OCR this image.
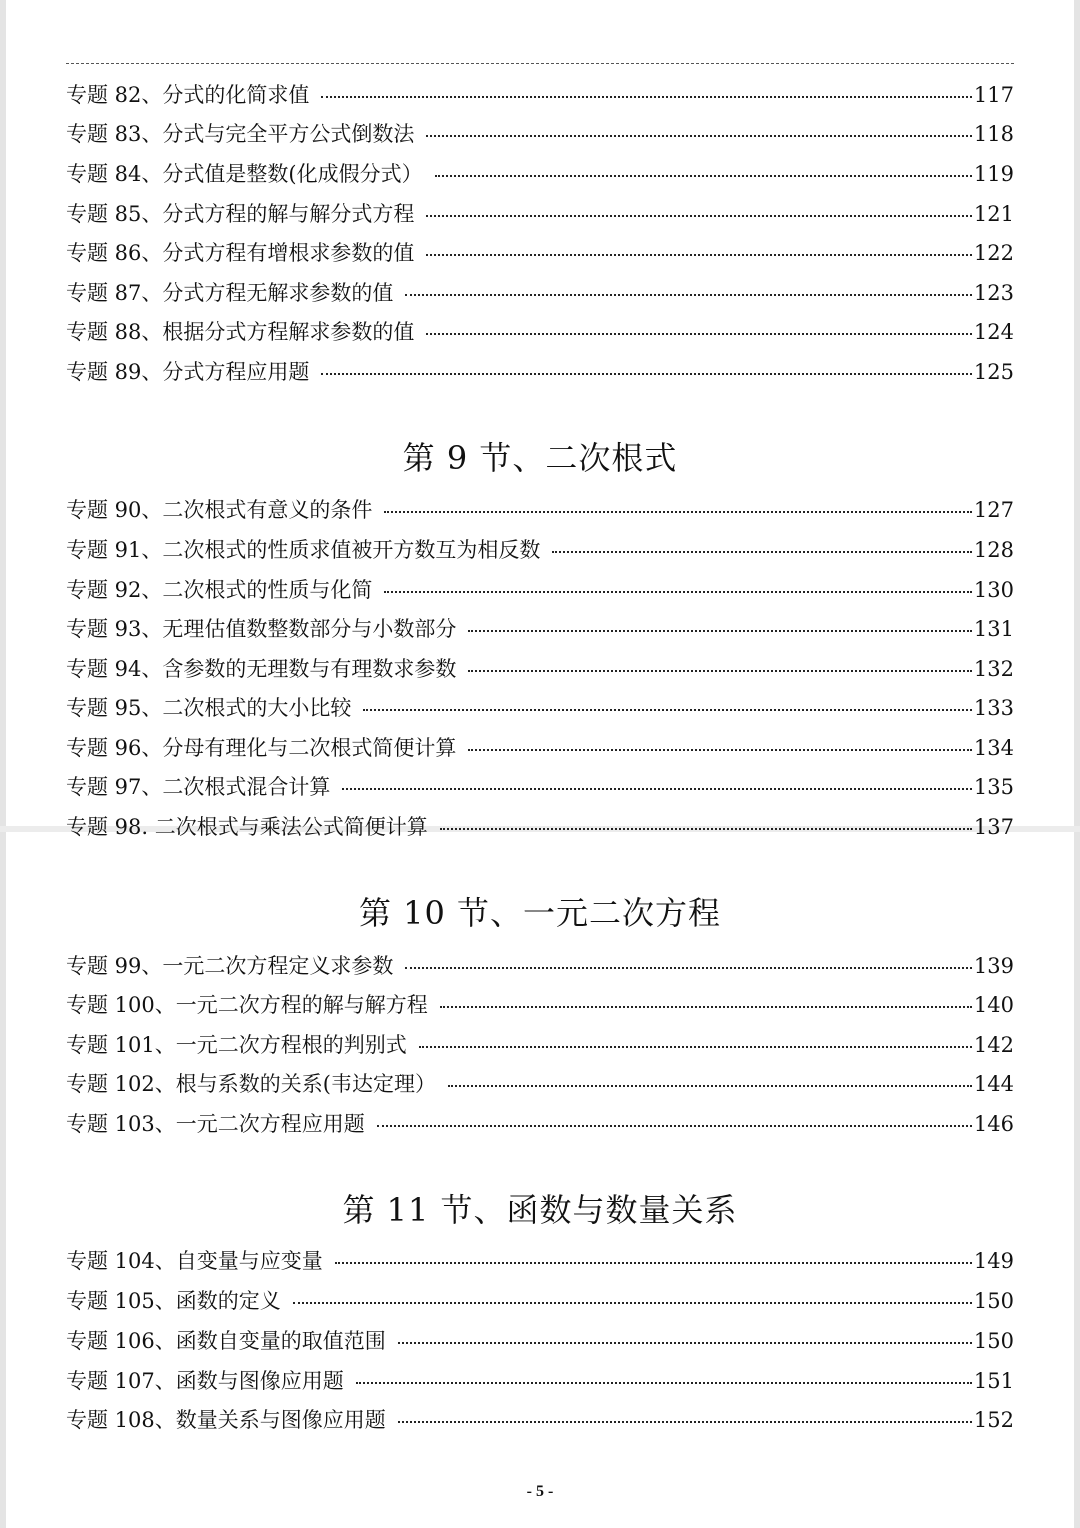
专题 82、分式的化简求值	117
专题 83、分式与完全平方公式倒数法	118
专题 84、分式值是整数(化成假分式）	119
专题 85、分式方程的解与解分式方程	121
专题 86、分式方程有增根求参数的值	122
专题 87、分式方程无解求参数的值	123
专题 88、根据分式方程解求参数的值	124
专题 89、分式方程应用题	125
第 9 节、二次根式
专题 90、二次根式有意义的条件	127
专题 91、二次根式的性质求值被开方数互为相反数	128
专题 92、二次根式的性质与化简	130
专题 93、无理估值数整数部分与小数部分	131
专题 94、含参数的无理数与有理数求参数	132
专题 95、二次根式的大小比较	133
专题 96、分母有理化与二次根式简便计算	134
专题 97、二次根式混合计算	135
专题 98. 二次根式与乘法公式简便计算	137
第 10 节、一元二次方程
专题 99、一元二次方程定义求参数	139
专题 100、一元二次方程的解与解方程	140
专题 101、一元二次方程根的判别式	142
专题 102、根与系数的关系(韦达定理）	144
专题 103、一元二次方程应用题	146
第 11 节、函数与数量关系
专题 104、自变量与应变量	149
专题 105、函数的定义	150
专题 106、函数自变量的取值范围	150
专题 107、函数与图像应用题	151
专题 108、数量关系与图像应用题	152
- 5 -
